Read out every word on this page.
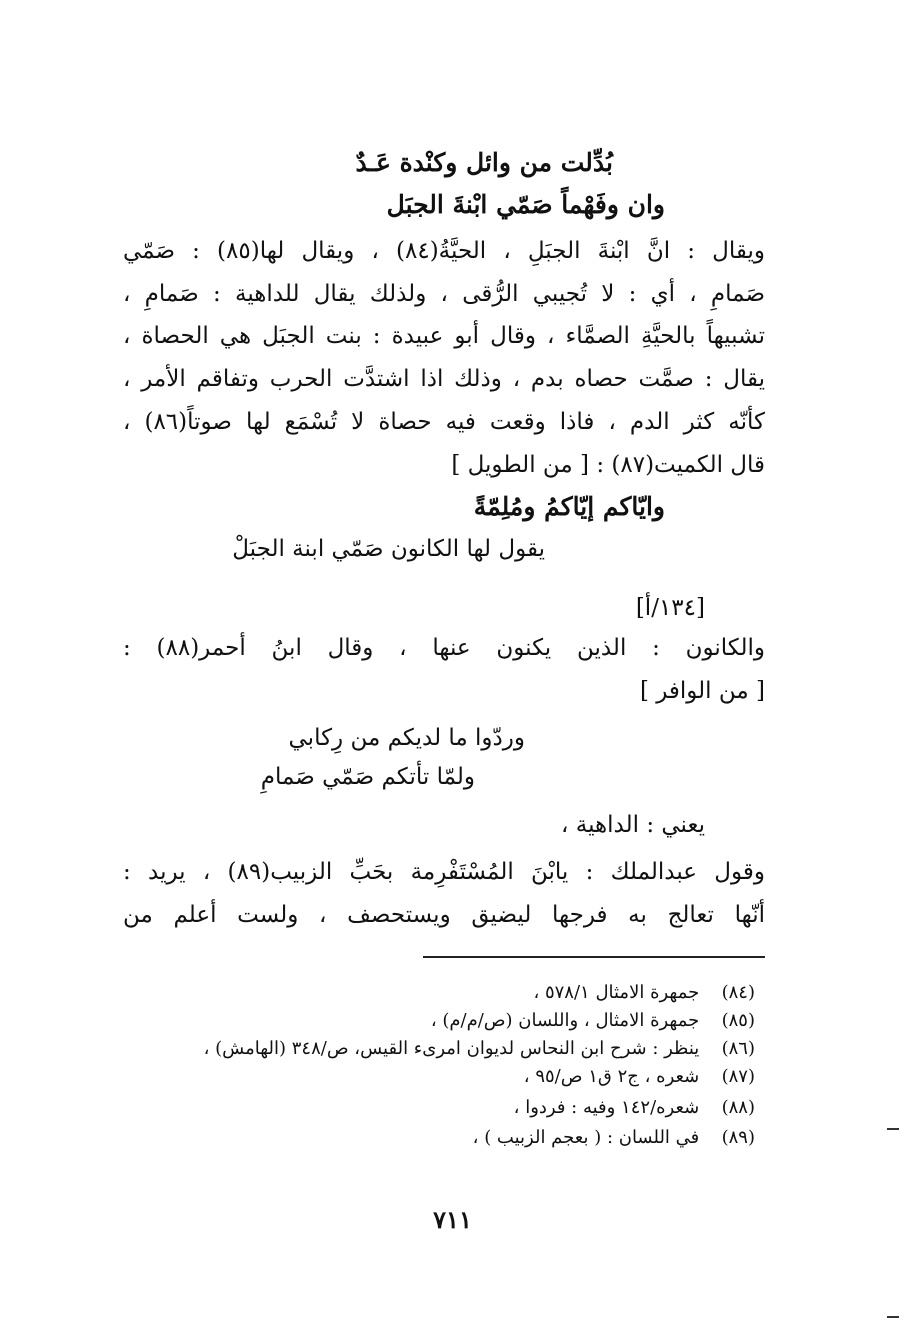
بُدِّلت من وائل وكنْدة عَـدٌ
وان وفَهْماً صَمّي ابْنةَ الجبَل
ويقال : انَّ ابْنةَ الجبَلِ ، الحيَّةُ(٨٤) ، ويقال لها(٨٥) : صَمّي
صَمامِ ، أي : لا تُجيبي الرُّقى ، ولذلك يقال للداهية : صَمامِ ،
تشبيهاً بالحيَّةِ الصمَّاء ، وقال أبو عبيدة : بنت الجبَل هي الحصاة ،
يقال : صمَّت حصاه بدم ، وذلك اذا اشتدَّت الحرب وتفاقم الأمر ،
كأنّه كثر الدم ، فاذا وقعت فيه حصاة لا تُسْمَع لها صوتاً(٨٦) ،
قال الكميت(٨٧) : [ من الطويل ]
وايّاكم إيّاكمُ ومُلِمّةً
يقول لها الكانون صَمّي ابنة الجبَلْ
[١٣٤/أ]
والكانون : الذين يكنون عنها ، وقال ابنُ أحمر(٨٨) :
[ من الوافر ]
وردّوا ما لديكم من رِكابي
ولمّا تأتكم صَمّي صَمامِ
يعني : الداهية ،
وقول عبدالملك : يابْنَ المُسْتَفْرِمة بحَبِّ الزبيب(٨٩) ، يريد :
أنّها تعالج به فرجها ليضيق ويستحصف ، ولست أعلم من
(٨٤) جمهرة الامثال ٥٧٨/١ ،
(٨٥) جمهرة الامثال ، واللسان (ص/م/م) ،
(٨٦) ينظر : شرح ابن النحاس لديوان امرىء القيس، ص/٣٤٨ (الهامش) ،
(٨٧) شعره ، ج٢ ق١ ص/٩٥ ،
(٨٨) شعره/١٤٢ وفيه : فردوا ،
(٨٩) في اللسان : ( بعجم الزبيب ) ،
٧١١
